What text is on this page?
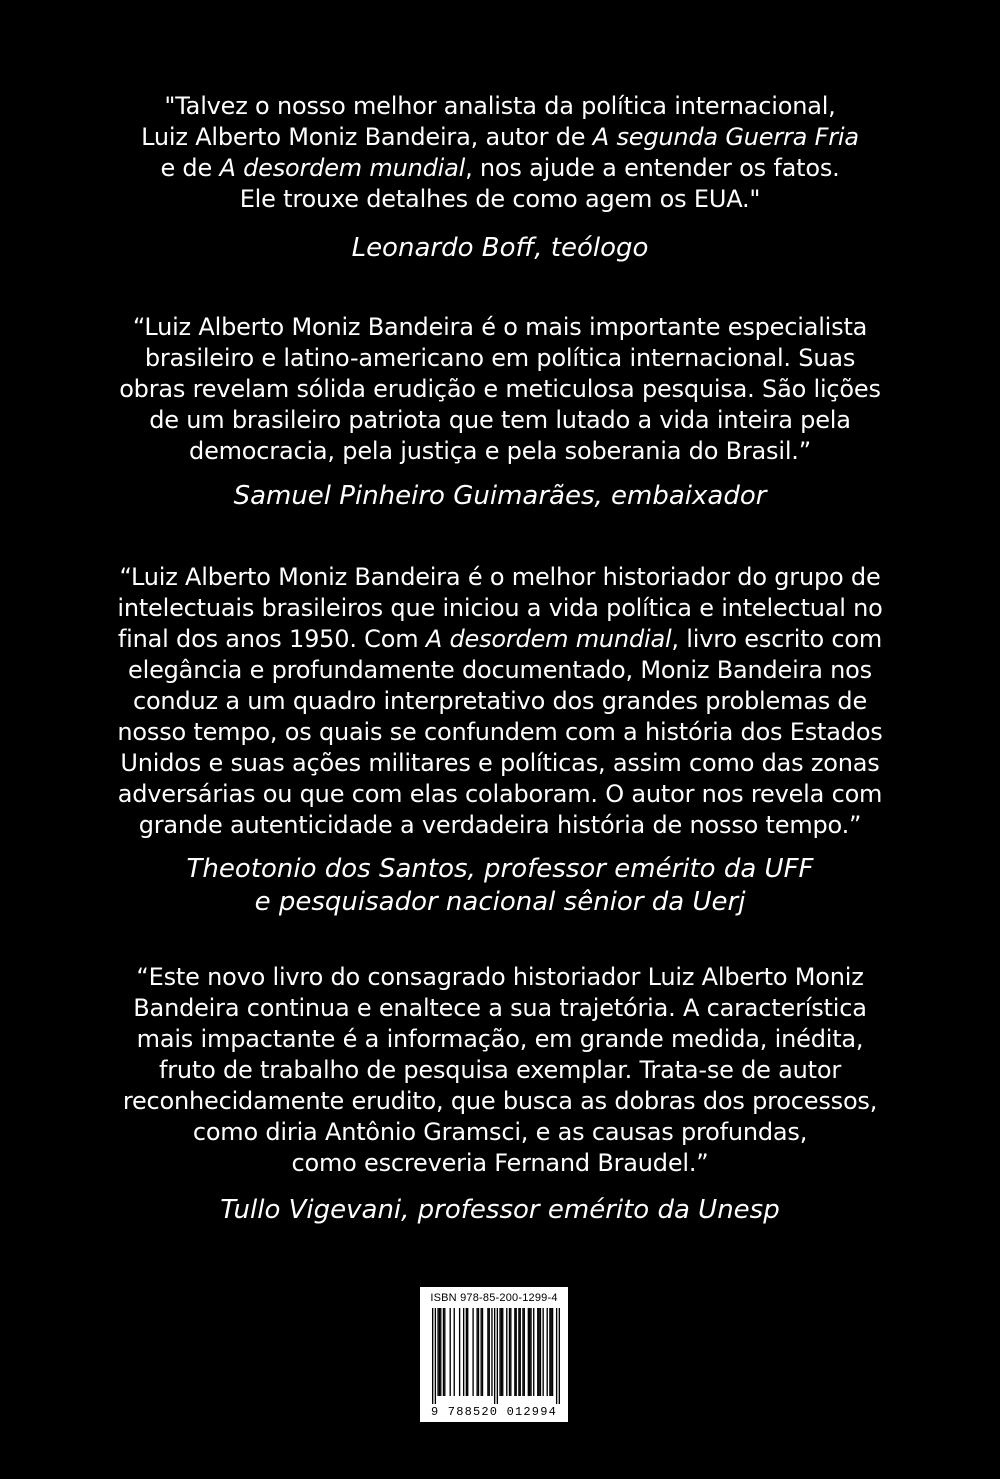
"Talvez o nosso melhor analista da política internacional,
Luiz Alberto Moniz Bandeira, autor de A segunda Guerra Fria
e de A desordem mundial, nos ajude a entender os fatos.
Ele trouxe detalhes de como agem os EUA."
Leonardo Boff, teólogo
“Luiz Alberto Moniz Bandeira é o mais importante especialista
brasileiro e latino-americano em política internacional. Suas
obras revelam sólida erudição e meticulosa pesquisa. São lições
de um brasileiro patriota que tem lutado a vida inteira pela
democracia, pela justiça e pela soberania do Brasil.”
Samuel Pinheiro Guimarães, embaixador
“Luiz Alberto Moniz Bandeira é o melhor historiador do grupo de
intelectuais brasileiros que iniciou a vida política e intelectual no
final dos anos 1950. Com A desordem mundial, livro escrito com
elegância e profundamente documentado, Moniz Bandeira nos
conduz a um quadro interpretativo dos grandes problemas de
nosso tempo, os quais se confundem com a história dos Estados
Unidos e suas ações militares e políticas, assim como das zonas
adversárias ou que com elas colaboram. O autor nos revela com
grande autenticidade a verdadeira história de nosso tempo.”
Theotonio dos Santos, professor emérito da UFF
e pesquisador nacional sênior da Uerj
“Este novo livro do consagrado historiador Luiz Alberto Moniz
Bandeira continua e enaltece a sua trajetória. A característica
mais impactante é a informação, em grande medida, inédita,
fruto de trabalho de pesquisa exemplar. Trata-se de autor
reconhecidamente erudito, que busca as dobras dos processos,
como diria Antônio Gramsci, e as causas profundas,
como escreveria Fernand Braudel.”
Tullo Vigevani, professor emérito da Unesp
ISBN 978-85-200-1299-4
9 788520 012994
